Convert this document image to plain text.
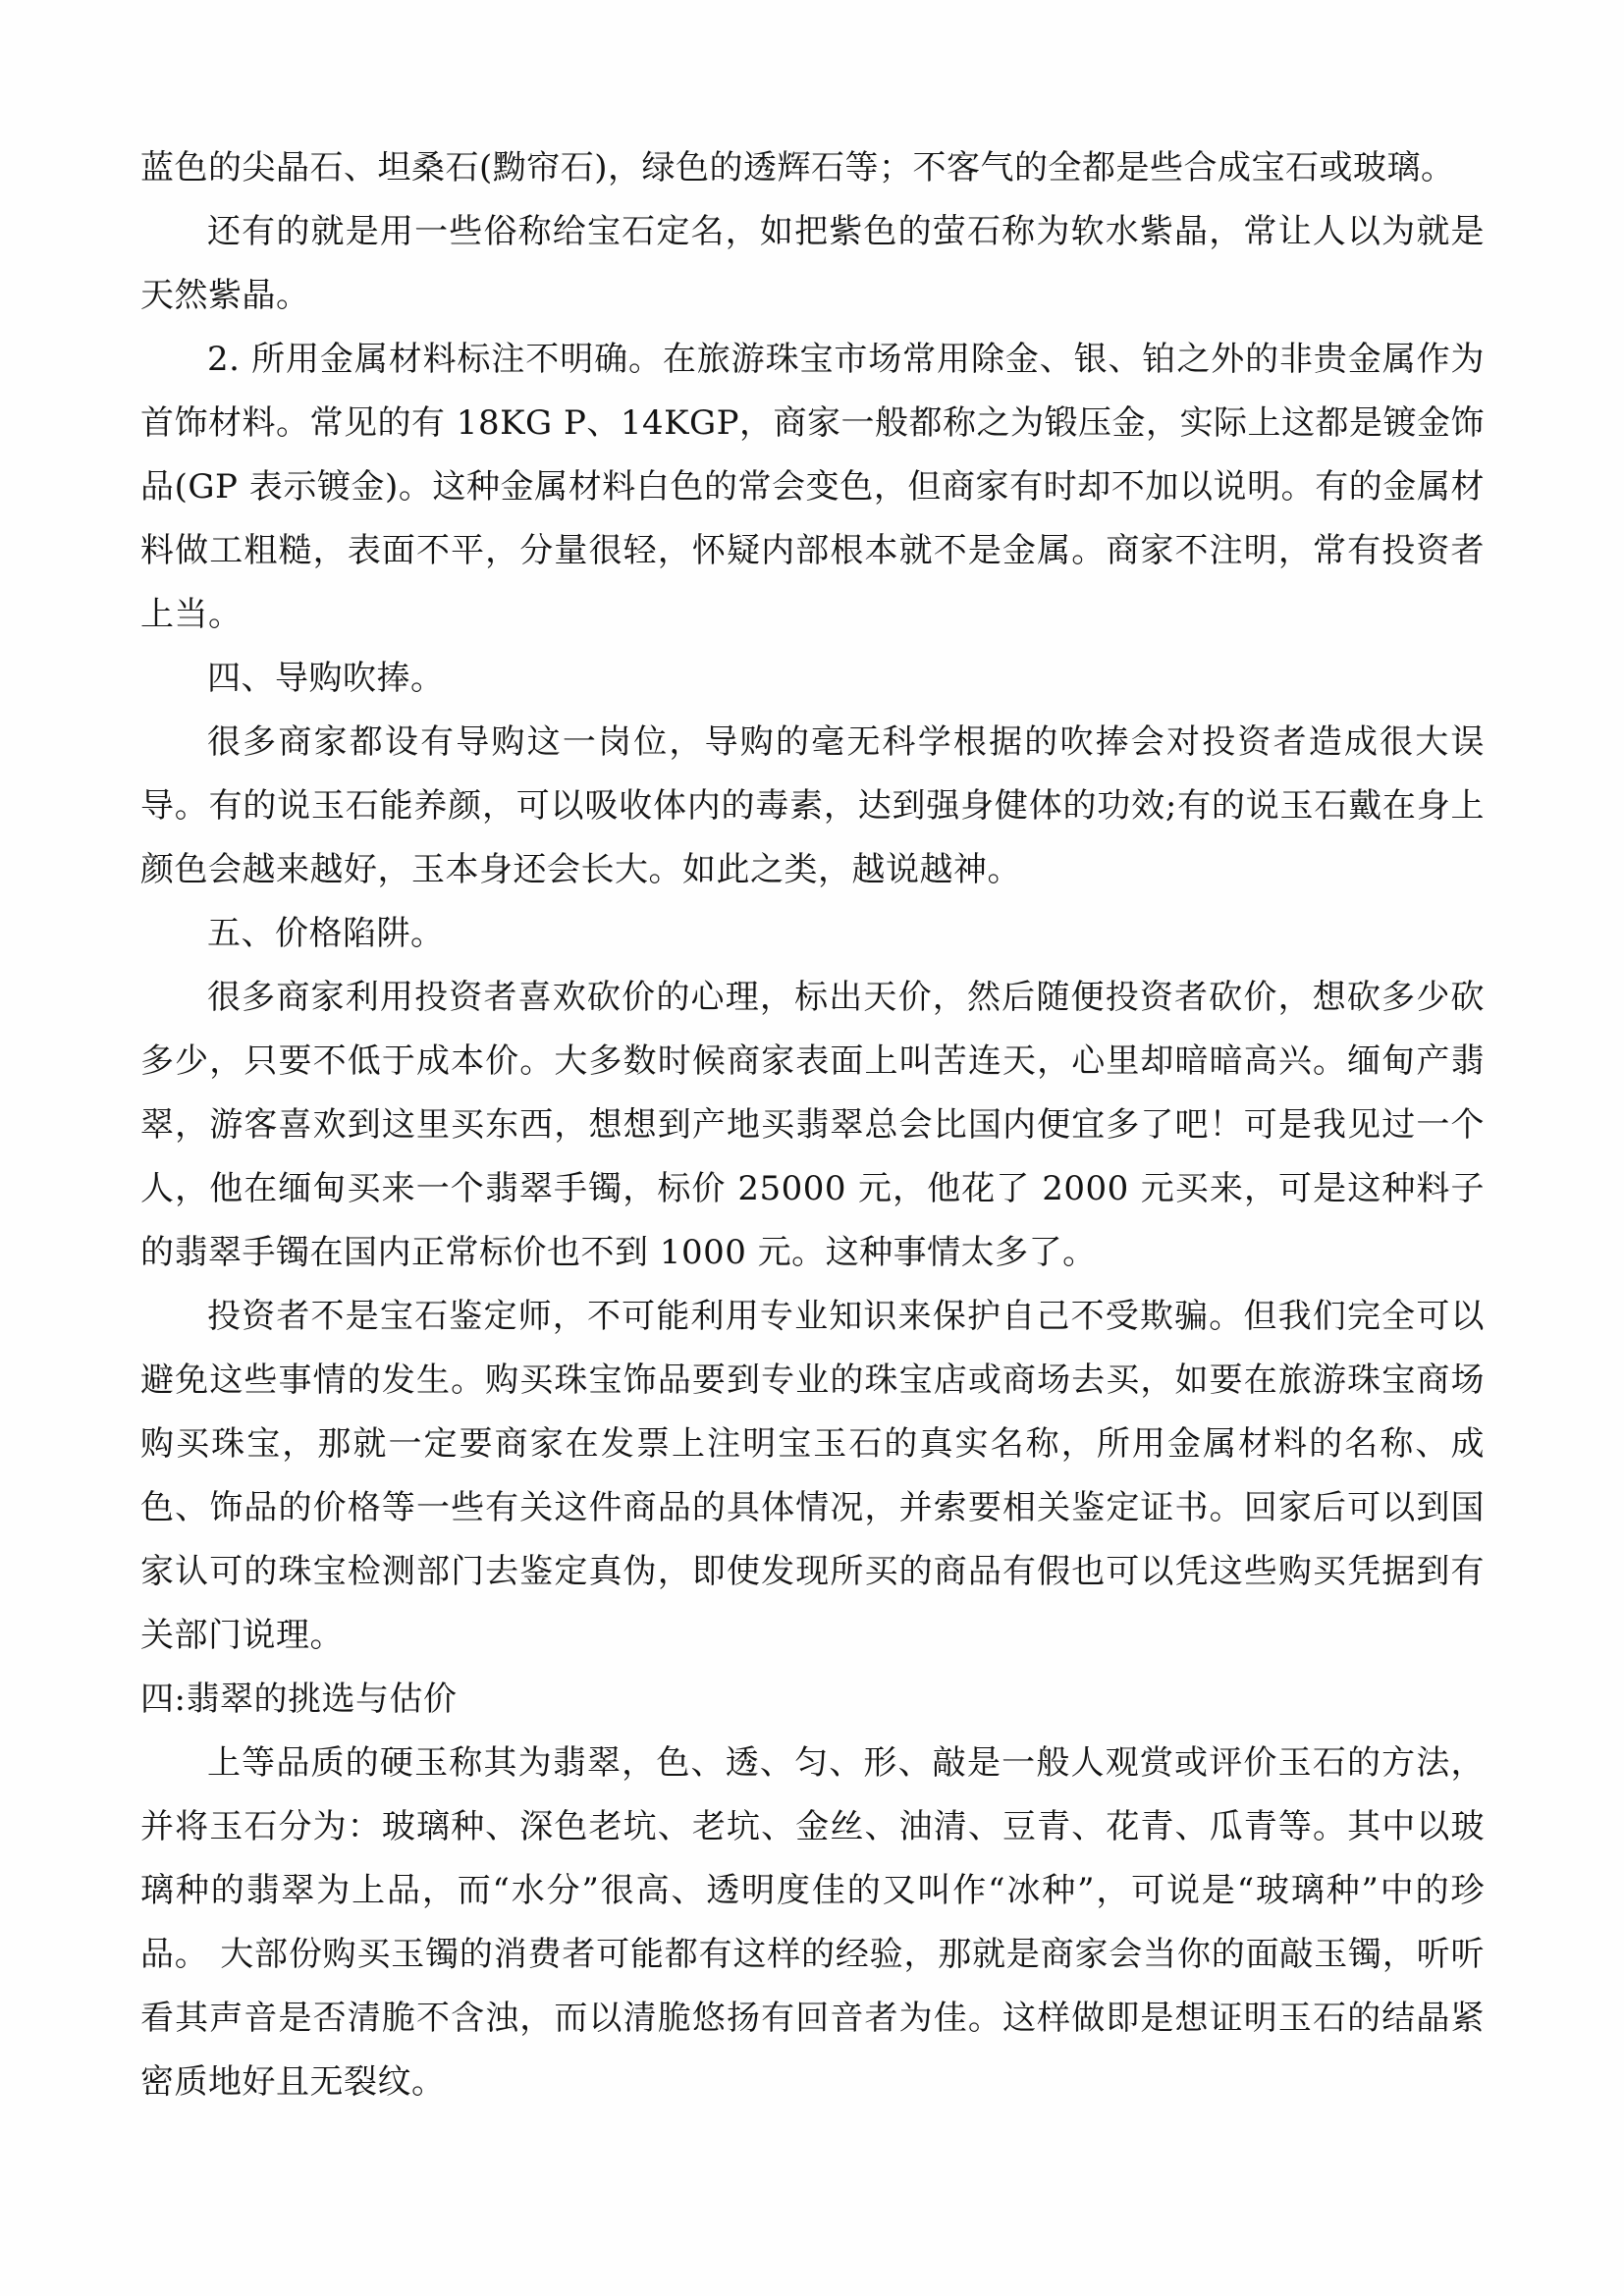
蓝色的尖晶石、坦桑石(黝帘石)，绿色的透辉石等；不客气的全都是些合成宝石或玻璃。

还有的就是用一些俗称给宝石定名，如把紫色的萤石称为软水紫晶，常让人以为就是天然紫晶。

2. 所用金属材料标注不明确。在旅游珠宝市场常用除金、银、铂之外的非贵金属作为首饰材料。常见的有 18KG P、14KGP，商家一般都称之为锻压金，实际上这都是镀金饰品(GP 表示镀金)。这种金属材料白色的常会变色，但商家有时却不加以说明。有的金属材料做工粗糙，表面不平，分量很轻，怀疑内部根本就不是金属。商家不注明，常有投资者上当。

四、导购吹捧。

很多商家都设有导购这一岗位，导购的毫无科学根据的吹捧会对投资者造成很大误导。有的说玉石能养颜，可以吸收体内的毒素，达到强身健体的功效;有的说玉石戴在身上颜色会越来越好，玉本身还会长大。如此之类，越说越神。

五、价格陷阱。

很多商家利用投资者喜欢砍价的心理，标出天价，然后随便投资者砍价，想砍多少砍多少，只要不低于成本价。大多数时候商家表面上叫苦连天，心里却暗暗高兴。缅甸产翡翠，游客喜欢到这里买东西，想想到产地买翡翠总会比国内便宜多了吧！可是我见过一个人，他在缅甸买来一个翡翠手镯，标价 25000 元，他花了 2000 元买来，可是这种料子的翡翠手镯在国内正常标价也不到 1000 元。这种事情太多了。

投资者不是宝石鉴定师，不可能利用专业知识来保护自己不受欺骗。但我们完全可以避免这些事情的发生。购买珠宝饰品要到专业的珠宝店或商场去买，如要在旅游珠宝商场购买珠宝，那就一定要商家在发票上注明宝玉石的真实名称，所用金属材料的名称、成色、饰品的价格等一些有关这件商品的具体情况，并索要相关鉴定证书。回家后可以到国家认可的珠宝检测部门去鉴定真伪，即使发现所买的商品有假也可以凭这些购买凭据到有关部门说理。

四:翡翠的挑选与估价

上等品质的硬玉称其为翡翠，色、透、匀、形、敲是一般人观赏或评价玉石的方法，并将玉石分为：玻璃种、深色老坑、老坑、金丝、油清、豆青、花青、瓜青等。其中以玻璃种的翡翠为上品，而“水分”很高、透明度佳的又叫作“冰种”，可说是“玻璃种”中的珍品。 大部份购买玉镯的消费者可能都有这样的经验，那就是商家会当你的面敲玉镯，听听看其声音是否清脆不含浊，而以清脆悠扬有回音者为佳。这样做即是想证明玉石的结晶紧密质地好且无裂纹。
